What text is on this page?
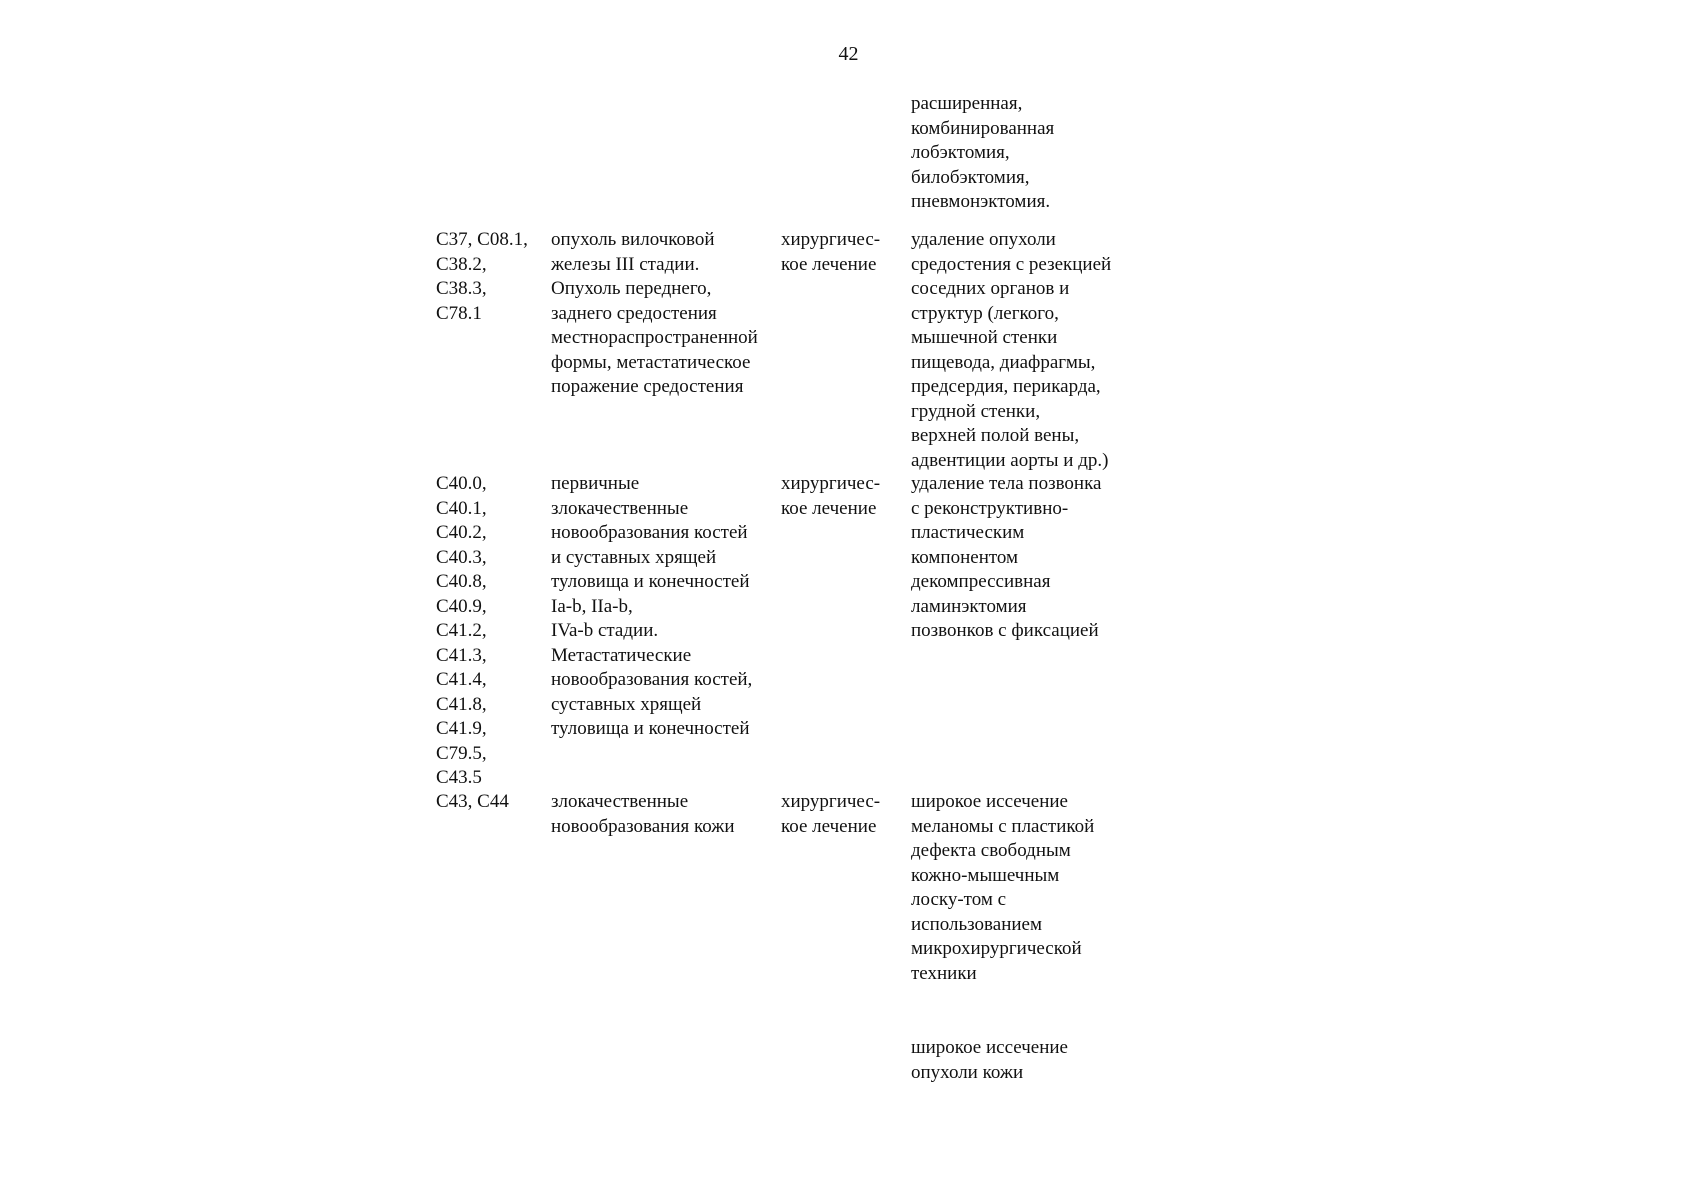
42
расширенная,
комбинированная
лобэктомия,
билобэктомия,
пневмонэктомия.
C37, C08.1,
C38.2,
C38.3,
C78.1
опухоль вилочковой
железы III стадии.
Опухоль переднего,
заднего средостения
местнораспространенной
формы, метастатическое
поражение средостения
хирургичес-
кое лечение
удаление опухоли
средостения с резекцией
соседних органов и
структур (легкого,
мышечной стенки
пищевода, диафрагмы,
предсердия, перикарда,
грудной стенки,
верхней полой вены,
адвентиции аорты и др.)
C40.0,
C40.1,
C40.2,
C40.3,
C40.8,
C40.9,
C41.2,
C41.3,
C41.4,
C41.8,
C41.9,
C79.5,
C43.5
первичные
злокачественные
новообразования костей
и суставных хрящей
туловища и конечностей
Ia-b, IIa-b,
IVa-b стадии.
Метастатические
новообразования костей,
суставных хрящей
туловища и конечностей
хирургичес-
кое лечение
удаление тела позвонка
с реконструктивно-
пластическим
компонентом
декомпрессивная
ламинэктомия
позвонков с фиксацией
C43, C44 злокачественные
новообразования кожи
хирургичес-
кое лечение
широкое иссечение
меланомы с пластикой
дефекта свободным
кожно-мышечным
лоску-том с
использованием
микрохирургической
техники
широкое иссечение
опухоли кожи
